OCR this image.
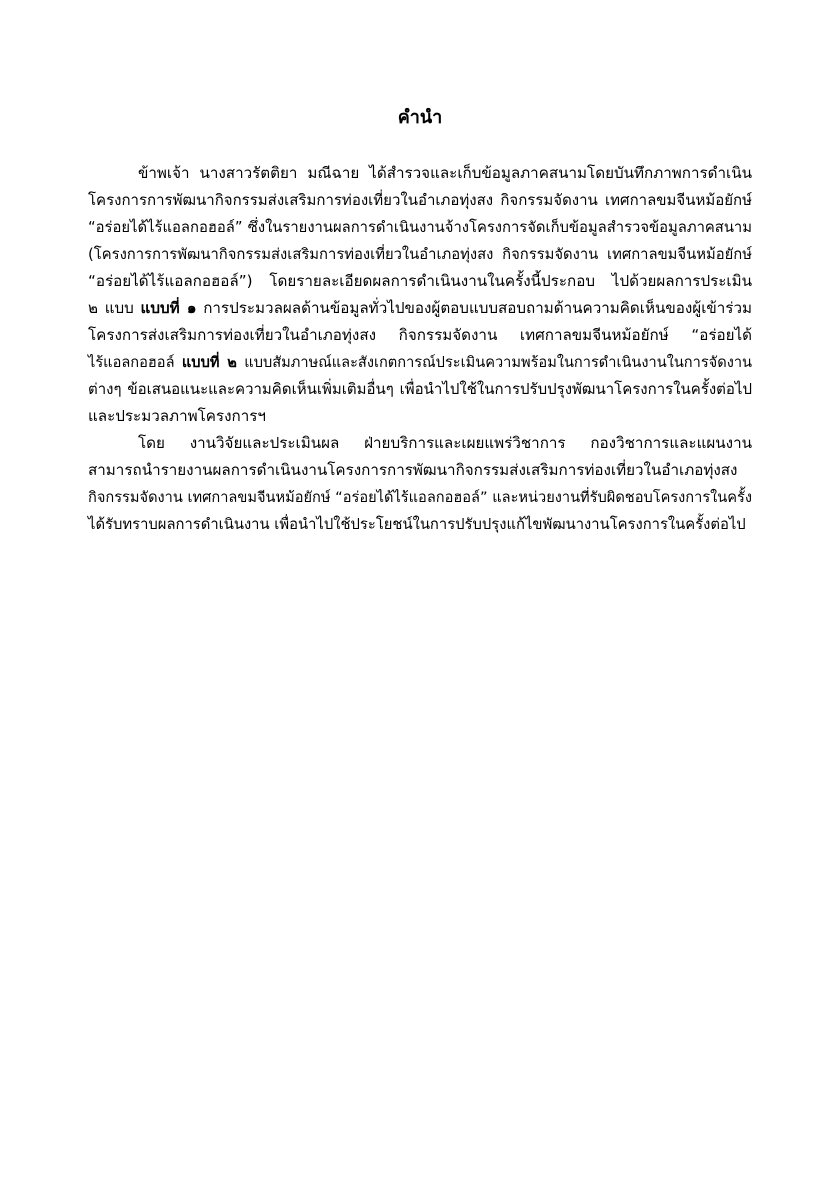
คำนำ
ข้าพเจ้า นางสาวรัตติยา มณีฉาย ได้สำรวจและเก็บข้อมูลภาคสนามโดยบันทึกภาพการดำเนิน
โครงการการพัฒนากิจกรรมส่งเสริมการท่องเที่ยวในอำเภอทุ่งสง กิจกรรมจัดงาน เทศกาลขมจีนหม้อยักษ์
“อร่อยได้ไร้แอลกอฮอล์” ซึ่งในรายงานผลการดำเนินงานจ้างโครงการจัดเก็บข้อมูลสำรวจข้อมูลภาคสนาม
(โครงการการพัฒนากิจกรรมส่งเสริมการท่องเที่ยวในอำเภอทุ่งสง กิจกรรมจัดงาน เทศกาลขมจีนหม้อยักษ์
“อร่อยได้ไร้แอลกอฮอล์”) โดยรายละเอียดผลการดำเนินงานในครั้งนี้ประกอบ ไปด้วยผลการประเมิน
๒ แบบ แบบที่ ๑ การประมวลผลด้านข้อมูลทั่วไปของผู้ตอบแบบสอบถามด้านความคิดเห็นของผู้เข้าร่วม
โครงการส่งเสริมการท่องเที่ยวในอำเภอทุ่งสง กิจกรรมจัดงาน เทศกาลขมจีนหม้อยักษ์ “อร่อยได้
ไร้แอลกอฮอล์ แบบที่ ๒ แบบสัมภาษณ์และสังเกตการณ์ประเมินความพร้อมในการดำเนินงานในการจัดงาน
ต่างๆ ข้อเสนอแนะและความคิดเห็นเพิ่มเติมอื่นๆ เพื่อนำไปใช้ในการปรับปรุงพัฒนาโครงการในครั้งต่อไป
และประมวลภาพโครงการฯ
โดย งานวิจัยและประเมินผล ฝ่ายบริการและเผยแพร่วิชาการ กองวิชาการและแผนงาน
สามารถนำรายงานผลการดำเนินงานโครงการการพัฒนากิจกรรมส่งเสริมการท่องเที่ยวในอำเภอทุ่งสง
กิจกรรมจัดงาน เทศกาลขมจีนหม้อยักษ์ “อร่อยได้ไร้แอลกอฮอล์” และหน่วยงานที่รับผิดชอบโครงการในครั้ง
ได้รับทราบผลการดำเนินงาน เพื่อนำไปใช้ประโยชน์ในการปรับปรุงแก้ไขพัฒนางานโครงการในครั้งต่อไป
